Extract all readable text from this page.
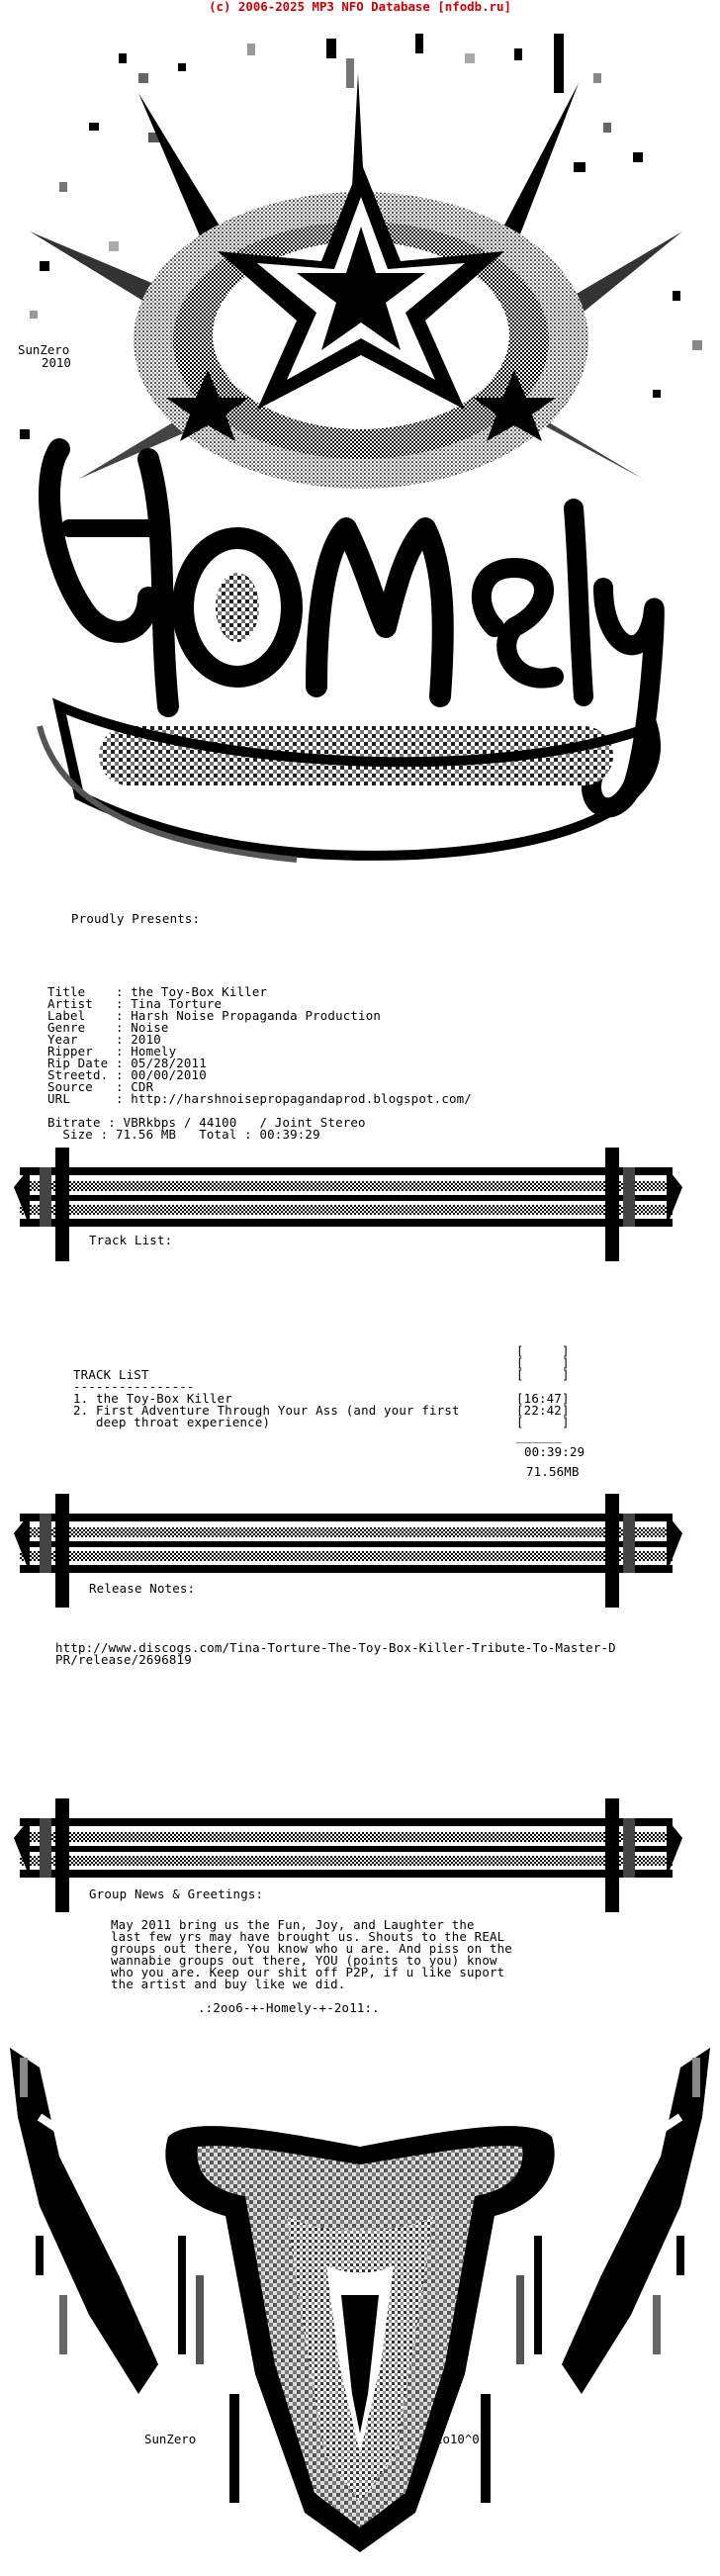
(c) 2006-2025 MP3 NFO Database [nfodb.ru]
SunZero
2010
Proudly Presents:
Title    : the Toy-Box Killer
Artist   : Tina Torture
Label    : Harsh Noise Propaganda Production
Genre    : Noise
Year     : 2010
Ripper   : Homely
Rip Date : 05/28/2011
Streetd. : 00/00/2010
Source   : CDR
URL      : http://harshnoisepropagandaprod.blogspot.com/
Bitrate : VBRkbps / 44100   / Joint Stereo
Size : 71.56 MB   Total : 00:39:29
Track List:
[     ]
[     ]
TRACK LiST	[     ]
----------------
1. the Toy-Box Killer	[16:47]
2. First Adventure Through Your Ass (and your first	[22:42]
deep throat experience)	[     ]
______
00:39:29
71.56MB
Release Notes:
http://www.discogs.com/Tina-Torture-The-Toy-Box-Killer-Tribute-To-Master-D
PR/release/2696819
Group News & Greetings:
May 2011 bring us the Fun, Joy, and Laughter the
last few yrs may have brought us. Shouts to the REAL
groups out there, You know who u are. And piss on the
wannabie groups out there, YOU (points to you) know
who you are. Keep our shit off P2P, if u like suport
the artist and buy like we did.
.:2oo6-+-Homely-+-2o11:.
SunZero	2o10^01
